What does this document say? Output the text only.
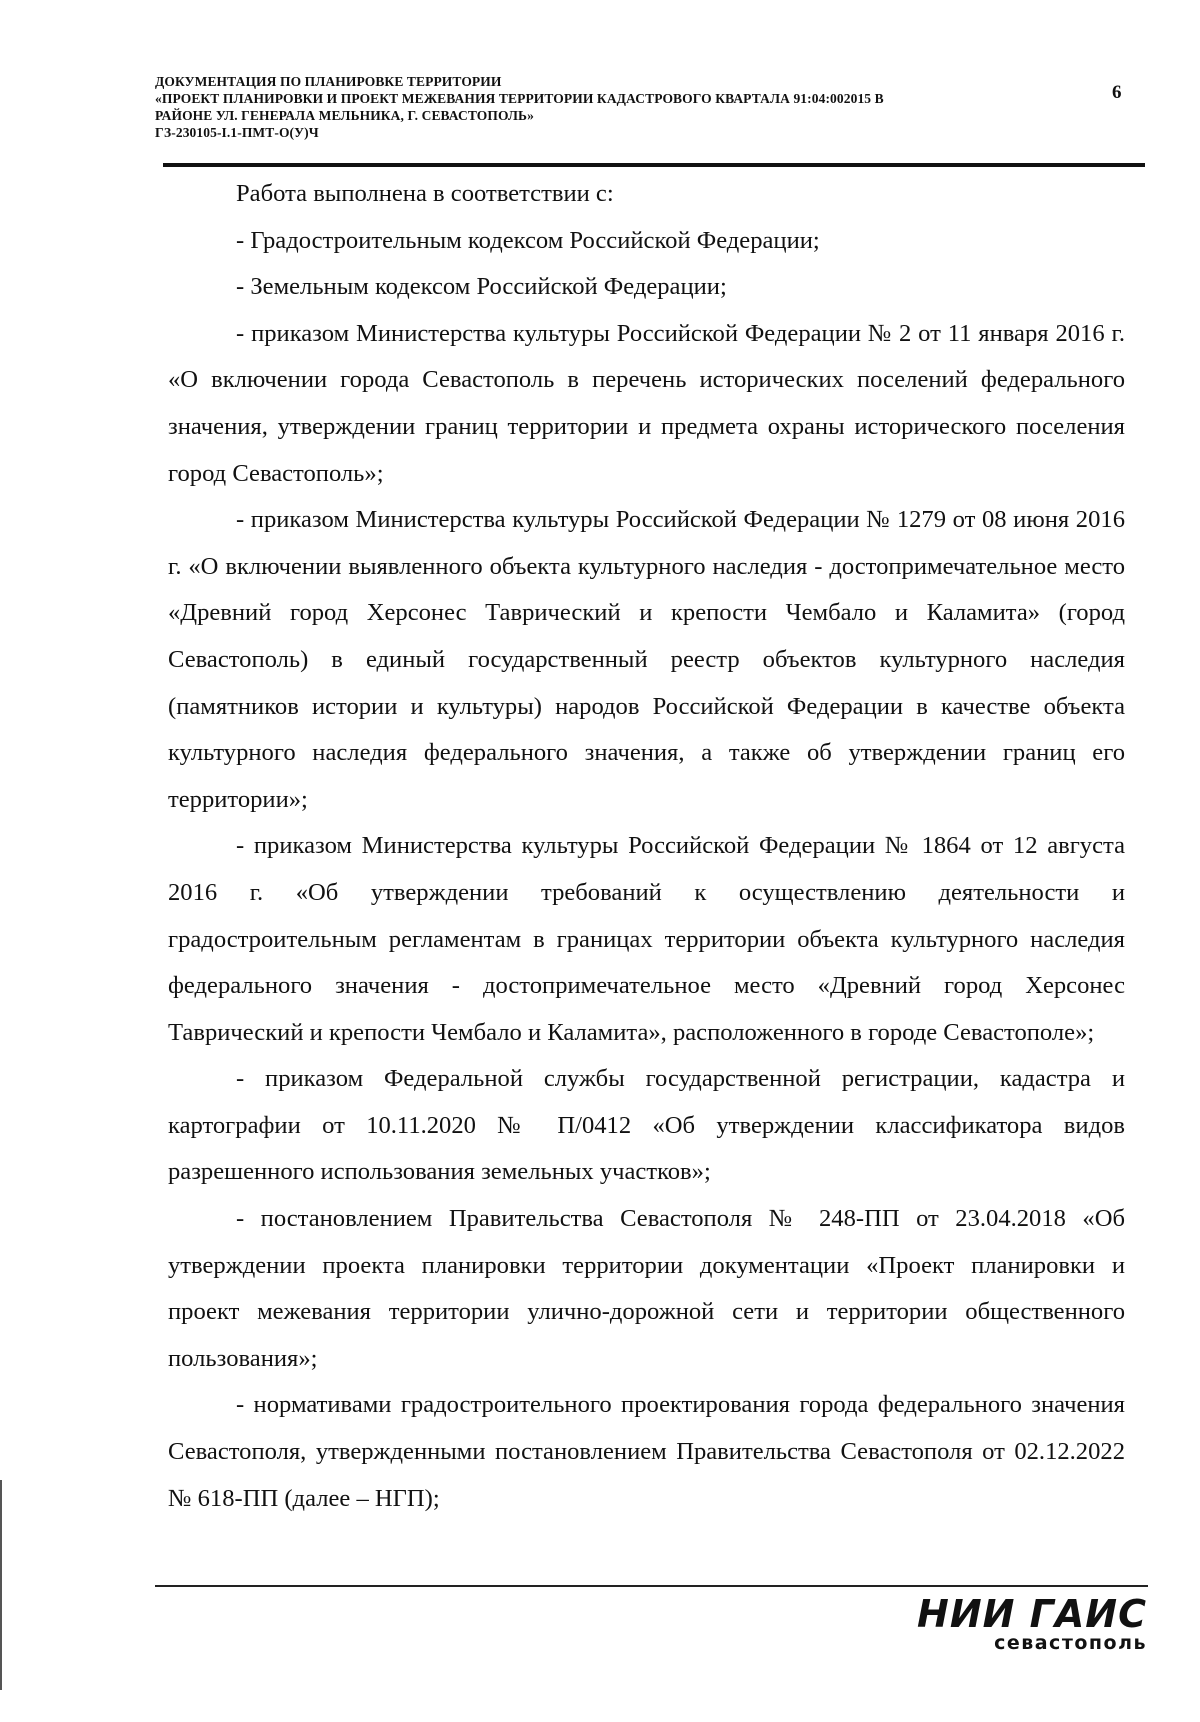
ДОКУМЕНТАЦИЯ ПО ПЛАНИРОВКЕ ТЕРРИТОРИИ
«ПРОЕКТ ПЛАНИРОВКИ И ПРОЕКТ МЕЖЕВАНИЯ ТЕРРИТОРИИ КАДАСТРОВОГО КВАРТАЛА 91:04:002015 В
РАЙОНЕ УЛ. ГЕНЕРАЛА МЕЛЬНИКА, Г. СЕВАСТОПОЛЬ»
ГЗ-230105-I.1-ПМТ-О(У)Ч
6

Работа выполнена в соответствии с:

- Градостроительным кодексом Российской Федерации;

- Земельным кодексом Российской Федерации;

- приказом Министерства культуры Российской Федерации № 2 от 11 января 2016 г. «О включении города Севастополь в перечень исторических поселений федерального значения, утверждении границ территории и предмета охраны исторического поселения город Севастополь»;

- приказом Министерства культуры Российской Федерации № 1279 от 08 июня 2016 г. «О включении выявленного объекта культурного наследия - достопримечательное место «Древний город Херсонес Таврический и крепости Чембало и Каламита» (город Севастополь) в единый государственный реестр объектов культурного наследия (памятников истории и культуры) народов Российской Федерации в качестве объекта культурного наследия федерального значения, а также об утверждении границ его территории»;

- приказом Министерства культуры Российской Федерации № 1864 от 12 августа 2016 г. «Об утверждении требований к осуществлению деятельности и градостроительным регламентам в границах территории объекта культурного наследия федерального значения - достопримечательное место «Древний город Херсонес Таврический и крепости Чембало и Каламита», расположенного в городе Севастополе»;

- приказом Федеральной службы государственной регистрации, кадастра и картографии от 10.11.2020 № П/0412 «Об утверждении классификатора видов разрешенного использования земельных участков»;

- постановлением Правительства Севастополя № 248-ПП от 23.04.2018 «Об утверждении проекта планировки территории документации «Проект планировки и проект межевания территории улично-дорожной сети и территории общественного пользования»;

- нормативами градостроительного проектирования города федерального значения Севастополя, утвержденными постановлением Правительства Севастополя от 02.12.2022 № 618-ПП (далее – НГП);

НИИ ГАИС
севастополь
